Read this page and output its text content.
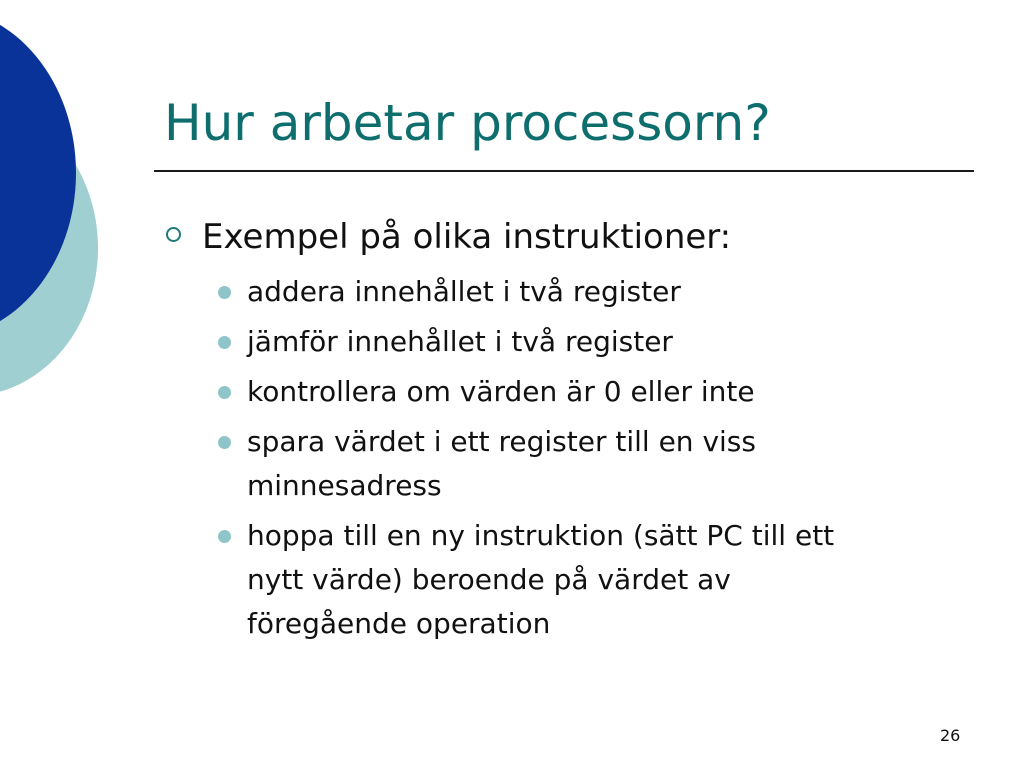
Hur arbetar processorn?
Exempel på olika instruktioner:
addera innehållet i två register
jämför innehållet i två register
kontrollera om värden är 0 eller inte
spara värdet i ett register till en viss
minnesadress
hoppa till en ny instruktion (sätt PC till ett
nytt värde) beroende på värdet av
föregående operation
26
